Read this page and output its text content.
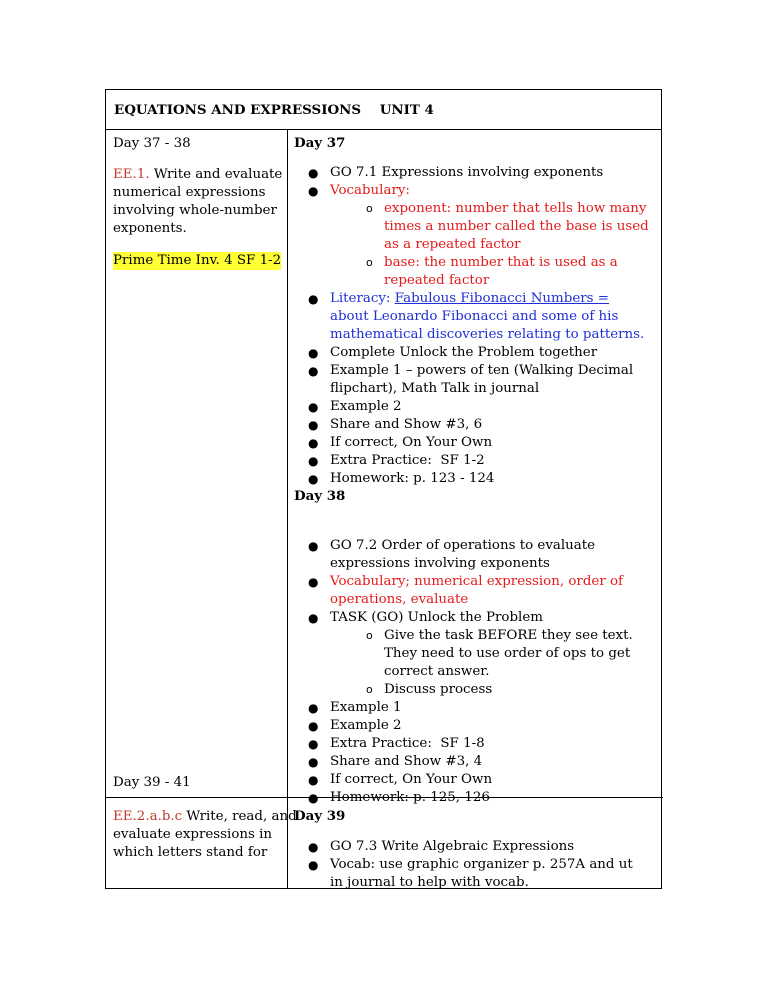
EQUATIONS AND EXPRESSIONS    UNIT 4
Day 37 - 38
EE.1. Write and evaluate
numerical expressions
involving whole-number
exponents.
Prime Time Inv. 4 SF 1-2
Day 39 - 41
EE.2.a.b.c Write, read, and
evaluate expressions in
which letters stand for
Day 37
● GO 7.1 Expressions involving exponents
● Vocabulary:
o exponent: number that tells how many
times a number called the base is used
as a repeated factor
o base: the number that is used as a
repeated factor
● Literacy: Fabulous Fibonacci Numbers =
about Leonardo Fibonacci and some of his
mathematical discoveries relating to patterns.
● Complete Unlock the Problem together
● Example 1 – powers of ten (Walking Decimal
flipchart), Math Talk in journal
● Example 2
● Share and Show #3, 6
● If correct, On Your Own
● Extra Practice:  SF 1-2
● Homework: p. 123 - 124
Day 38
● GO 7.2 Order of operations to evaluate
expressions involving exponents
● Vocabulary; numerical expression, order of
operations, evaluate
● TASK (GO) Unlock the Problem
o Give the task BEFORE they see text.
They need to use order of ops to get
correct answer.
o Discuss process
● Example 1
● Example 2
● Extra Practice:  SF 1-8
● Share and Show #3, 4
● If correct, On Your Own
● Homework: p. 125, 126
Day 39
● GO 7.3 Write Algebraic Expressions
● Vocab: use graphic organizer p. 257A and ut
in journal to help with vocab.
